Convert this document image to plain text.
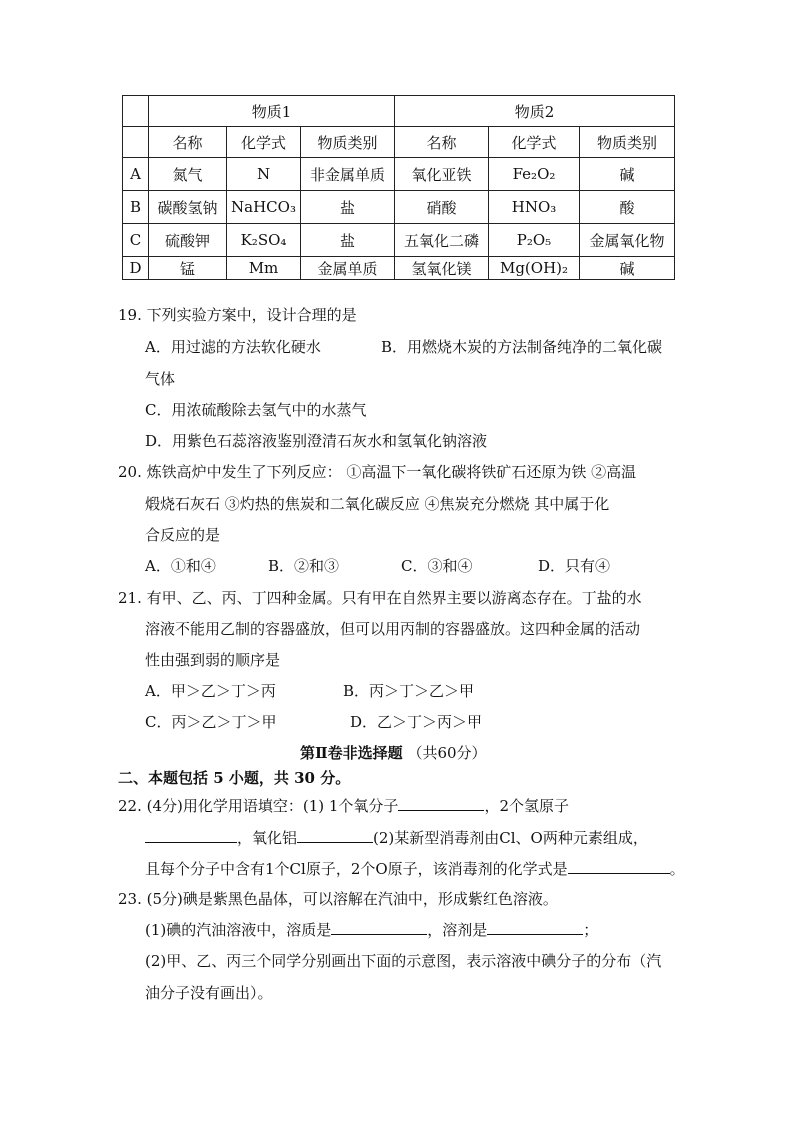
	物质1			物质2		
	名称	化学式	物质类别	名称	化学式	物质类别
A	氮气	N	非金属单质	氧化亚铁	Fe₂O₂	碱
B	碳酸氢钠	NaHCO₃	盐	硝酸	HNO₃	酸
C	硫酸钾	K₂SO₄	盐	五氧化二磷	P₂O₅	金属氧化物
D	锰	Mm	金属单质	氢氧化镁	Mg(OH)₂	碱
19. 下列实验方案中，设计合理的是
A．用过滤的方法软化硬水	B．用燃烧木炭的方法制备纯净的二氧化碳
气体
C．用浓硫酸除去氢气中的水蒸气
D．用紫色石蕊溶液鉴别澄清石灰水和氢氧化钠溶液
20. 炼铁高炉中发生了下列反应： ①高温下一氧化碳将铁矿石还原为铁 ②高温
煅烧石灰石 ③灼热的焦炭和二氧化碳反应 ④焦炭充分燃烧 其中属于化
合反应的是
A．①和④	B．②和③	C．③和④	D．只有④
21. 有甲、乙、丙、丁四种金属。只有甲在自然界主要以游离态存在。丁盐的水
溶液不能用乙制的容器盛放，但可以用丙制的容器盛放。这四种金属的活动
性由强到弱的顺序是
A．甲＞乙＞丁＞丙	B．丙＞丁＞乙＞甲
C．丙＞乙＞丁＞甲	D．乙＞丁＞丙＞甲
第Ⅱ卷非选择题 （共60分）
二、本题包括 5 小题，共 30 分。
22. (4分)用化学用语填空：(1) 1个氧分子	，2个氢原子
，氧化铝	(2)某新型消毒剂由Cl、O两种元素组成，
且每个分子中含有1个Cl原子，2个O原子，该消毒剂的化学式是	。
23. (5分)碘是紫黑色晶体，可以溶解在汽油中，形成紫红色溶液。
(1)碘的汽油溶液中，溶质是	，溶剂是	；
(2)甲、乙、丙三个同学分别画出下面的示意图，表示溶液中碘分子的分布（汽
油分子没有画出）。
